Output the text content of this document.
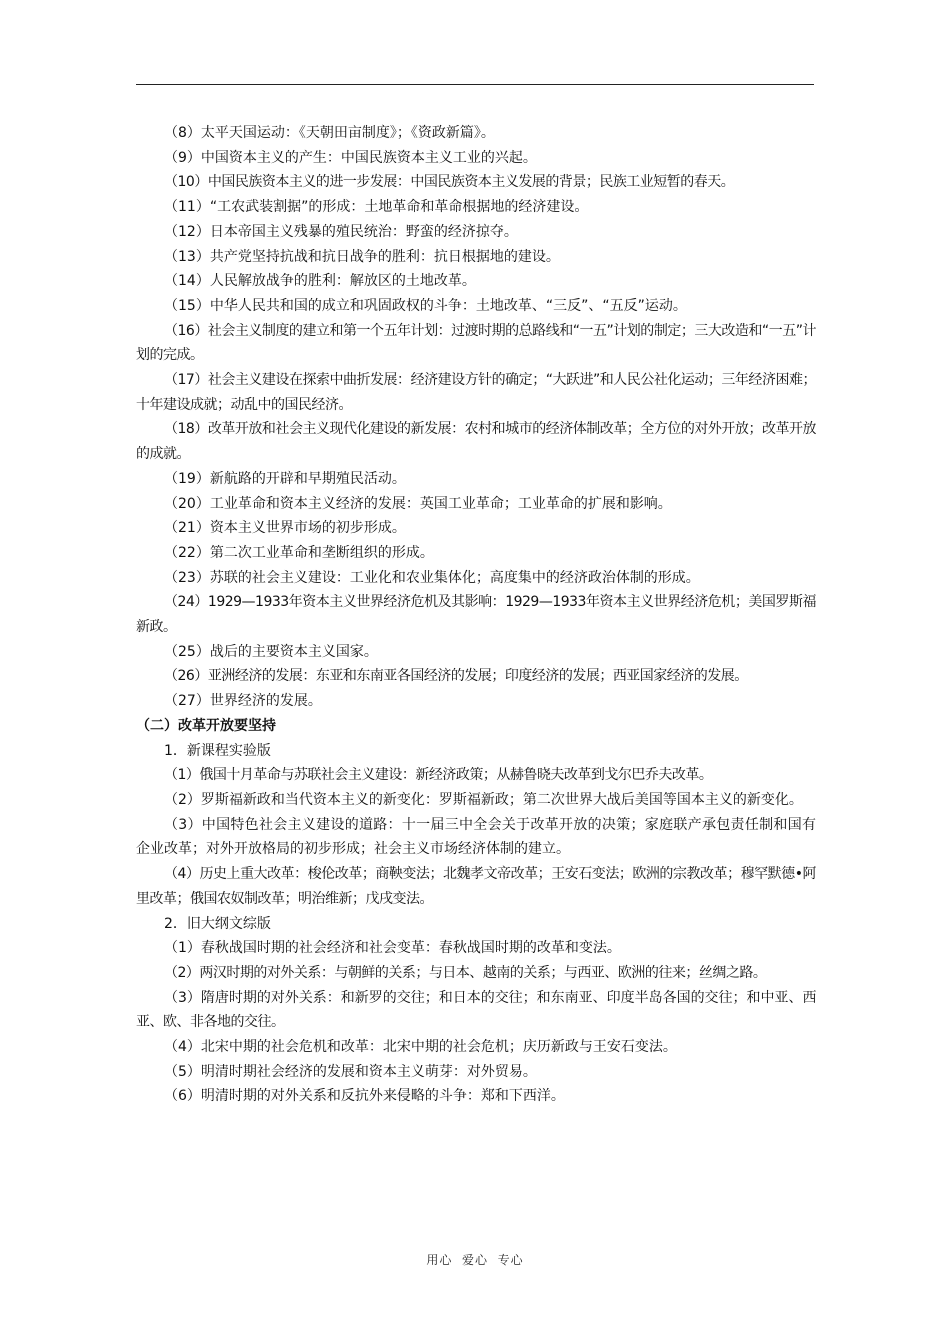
（8）太平天国运动：《天朝田亩制度》；《资政新篇》。

（9）中国资本主义的产生：中国民族资本主义工业的兴起。

（10）中国民族资本主义的进一步发展：中国民族资本主义发展的背景；民族工业短暂的春天。

（11）“工农武装割据”的形成：土地革命和革命根据地的经济建设。

（12）日本帝国主义残暴的殖民统治：野蛮的经济掠夺。

（13）共产党坚持抗战和抗日战争的胜利：抗日根据地的建设。

（14）人民解放战争的胜利：解放区的土地改革。

（15）中华人民共和国的成立和巩固政权的斗争：土地改革、“三反”、“五反”运动。

（16）社会主义制度的建立和第一个五年计划：过渡时期的总路线和“一五”计划的制定；三大改造和“一五”计划的完成。

（17）社会主义建设在探索中曲折发展：经济建设方针的确定；“大跃进”和人民公社化运动；三年经济困难；十年建设成就；动乱中的国民经济。

（18）改革开放和社会主义现代化建设的新发展：农村和城市的经济体制改革；全方位的对外开放；改革开放的成就。

（19）新航路的开辟和早期殖民活动。

（20）工业革命和资本主义经济的发展：英国工业革命；工业革命的扩展和影响。

（21）资本主义世界市场的初步形成。

（22）第二次工业革命和垄断组织的形成。

（23）苏联的社会主义建设：工业化和农业集体化；高度集中的经济政治体制的形成。

（24）1929—1933年资本主义世界经济危机及其影响：1929—1933年资本主义世界经济危机；美国罗斯福新政。

（25）战后的主要资本主义国家。

（26）亚洲经济的发展：东亚和东南亚各国经济的发展；印度经济的发展；西亚国家经济的发展。

（27）世界经济的发展。

（二）改革开放要坚持

1．新课程实验版

（1）俄国十月革命与苏联社会主义建设：新经济政策；从赫鲁晓夫改革到戈尔巴乔夫改革。

（2）罗斯福新政和当代资本主义的新变化：罗斯福新政；第二次世界大战后美国等国本主义的新变化。

（3）中国特色社会主义建设的道路：十一届三中全会关于改革开放的决策；家庭联产承包责任制和国有企业改革；对外开放格局的初步形成；社会主义市场经济体制的建立。

（4）历史上重大改革：梭伦改革；商鞅变法；北魏孝文帝改革；王安石变法；欧洲的宗教改革；穆罕默德•阿里改革；俄国农奴制改革；明治维新；戊戌变法。

2．旧大纲文综版

（1）春秋战国时期的社会经济和社会变革：春秋战国时期的改革和变法。

（2）两汉时期的对外关系：与朝鲜的关系；与日本、越南的关系；与西亚、欧洲的往来；丝绸之路。

（3）隋唐时期的对外关系：和新罗的交往；和日本的交往；和东南亚、印度半岛各国的交往；和中亚、西亚、欧、非各地的交往。

（4）北宋中期的社会危机和改革：北宋中期的社会危机；庆历新政与王安石变法。

（5）明清时期社会经济的发展和资本主义萌芽：对外贸易。

（6）明清时期的对外关系和反抗外来侵略的斗争：郑和下西洋。

用心  爱心  专心
